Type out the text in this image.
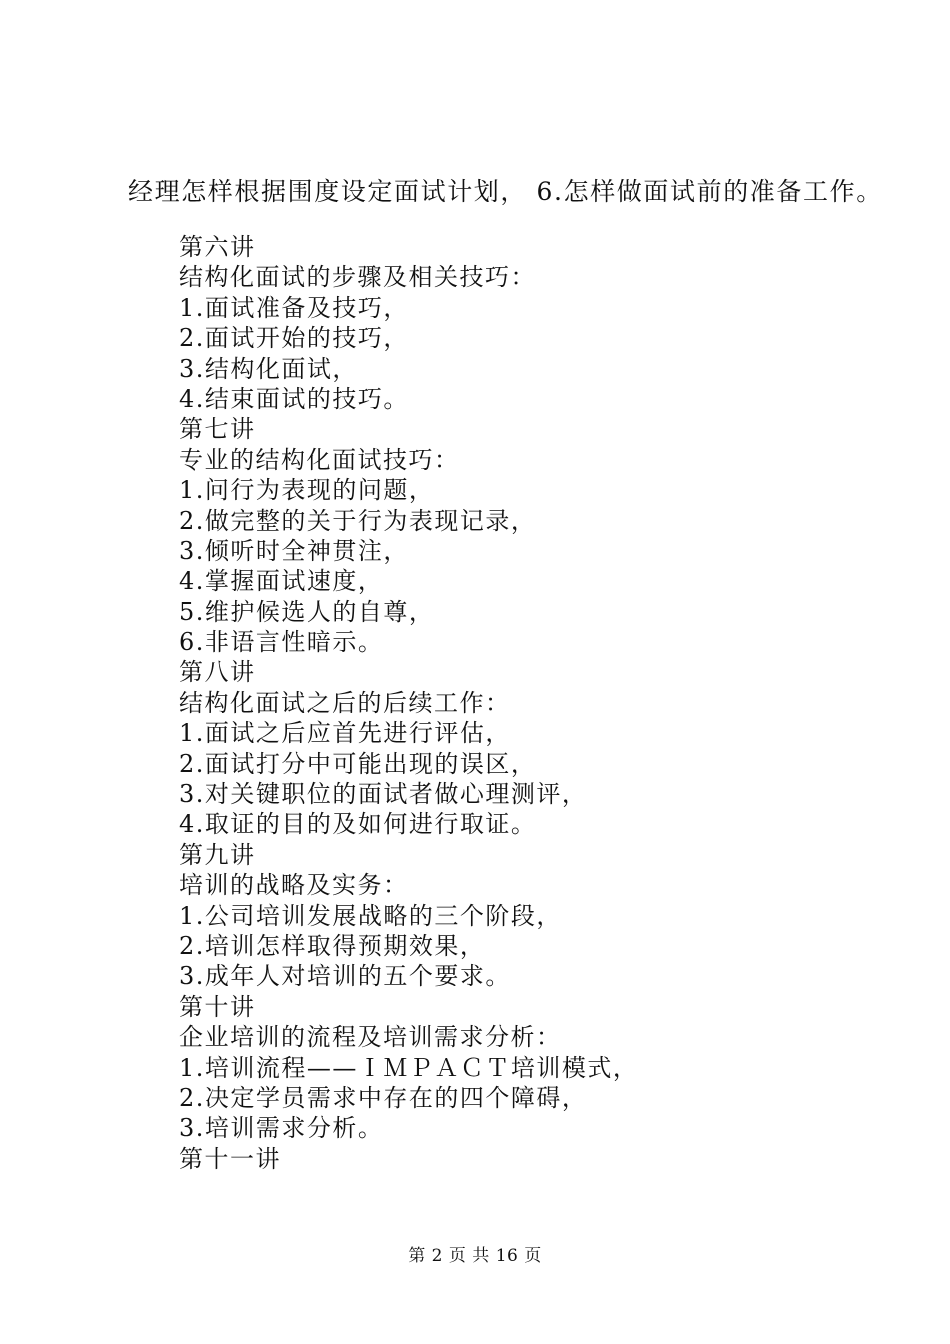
经理怎样根据围度设定面试计划， 6.怎样做面试前的准备工作。
第六讲
结构化面试的步骤及相关技巧：
1.面试准备及技巧，
2.面试开始的技巧，
3.结构化面试，
4.结束面试的技巧。
第七讲
专业的结构化面试技巧：
1.问行为表现的问题，
2.做完整的关于行为表现记录，
3.倾听时全神贯注，
4.掌握面试速度，
5.维护候选人的自尊，
6.非语言性暗示。
第八讲
结构化面试之后的后续工作：
1.面试之后应首先进行评估，
2.面试打分中可能出现的误区，
3.对关键职位的面试者做心理测评，
4.取证的目的及如何进行取证。
第九讲
培训的战略及实务：
1.公司培训发展战略的三个阶段，
2.培训怎样取得预期效果，
3.成年人对培训的五个要求。
第十讲
企业培训的流程及培训需求分析：
1.培训流程——ＩＭＰＡＣＴ培训模式，
2.决定学员需求中存在的四个障碍，
3.培训需求分析。
第十一讲
第 2 页 共 16 页
